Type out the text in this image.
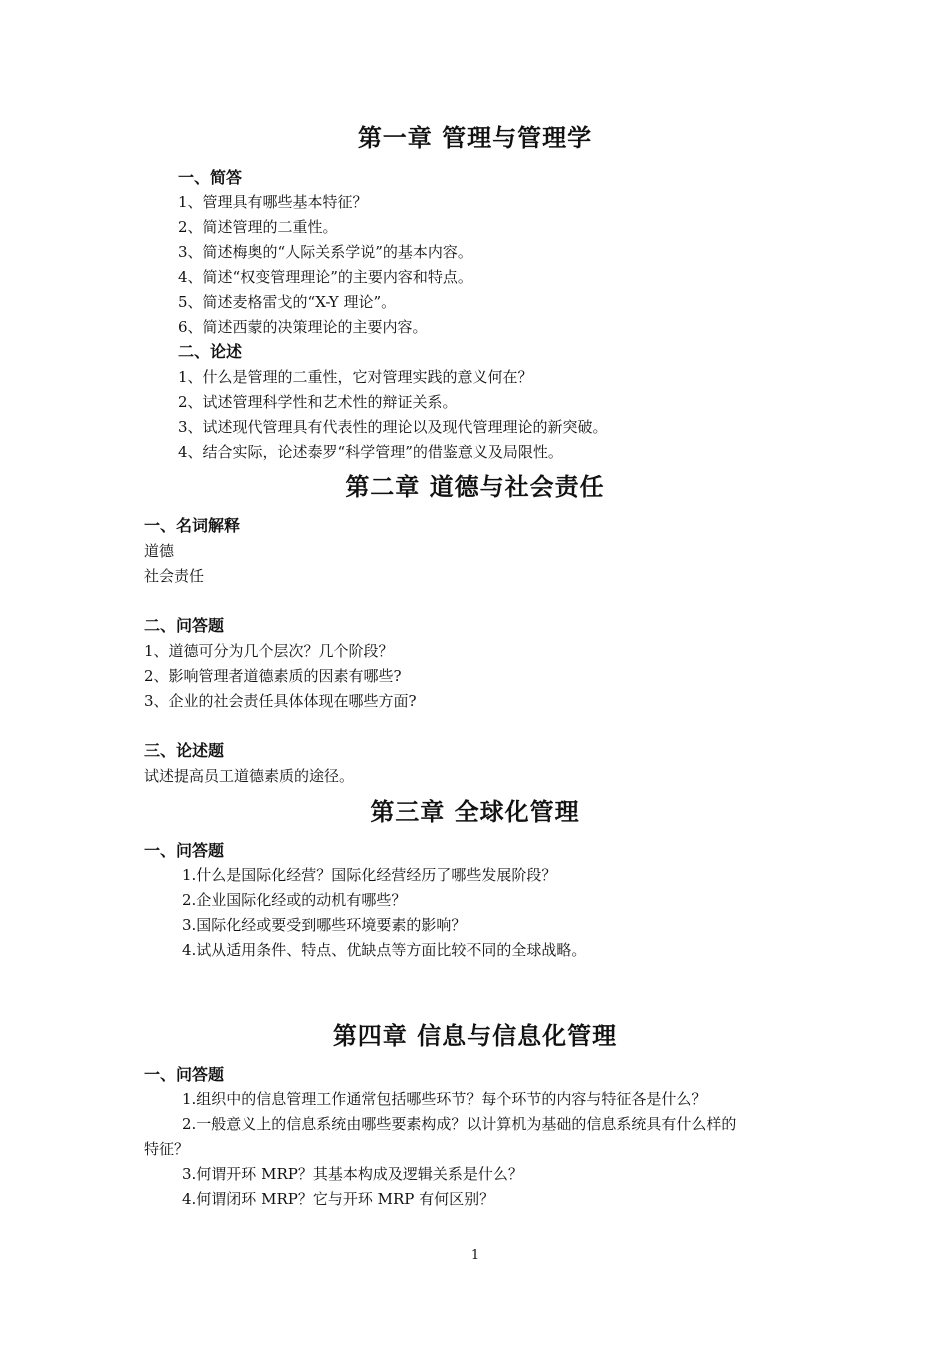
第一章 管理与管理学
一、简答
1、管理具有哪些基本特征？
2、简述管理的二重性。
3、简述梅奥的“人际关系学说”的基本内容。
4、简述“权变管理理论”的主要内容和特点。
5、简述麦格雷戈的“X-Y 理论”。
6、简述西蒙的决策理论的主要内容。
二、论述
1、什么是管理的二重性，它对管理实践的意义何在？
2、试述管理科学性和艺术性的辩证关系。
3、试述现代管理具有代表性的理论以及现代管理理论的新突破。
4、结合实际，论述泰罗“科学管理”的借鉴意义及局限性。
第二章 道德与社会责任
一、名词解释
道德
社会责任
二、问答题
1、道德可分为几个层次？几个阶段？
2、影响管理者道德素质的因素有哪些?
3、企业的社会责任具体体现在哪些方面?
三、论述题
试述提高员工道德素质的途径。
第三章 全球化管理
一、问答题
1.什么是国际化经营？国际化经营经历了哪些发展阶段？
2.企业国际化经或的动机有哪些？
3.国际化经或要受到哪些环境要素的影响？
4.试从适用条件、特点、优缺点等方面比较不同的全球战略。
第四章 信息与信息化管理
一、问答题
1.组织中的信息管理工作通常包括哪些环节？每个环节的内容与特征各是什么？
2.一般意义上的信息系统由哪些要素构成？以计算机为基础的信息系统具有什么样的
特征？
3.何谓开环 MRP？其基本构成及逻辑关系是什么？
4.何谓闭环 MRP？它与开环 MRP 有何区别？
1
